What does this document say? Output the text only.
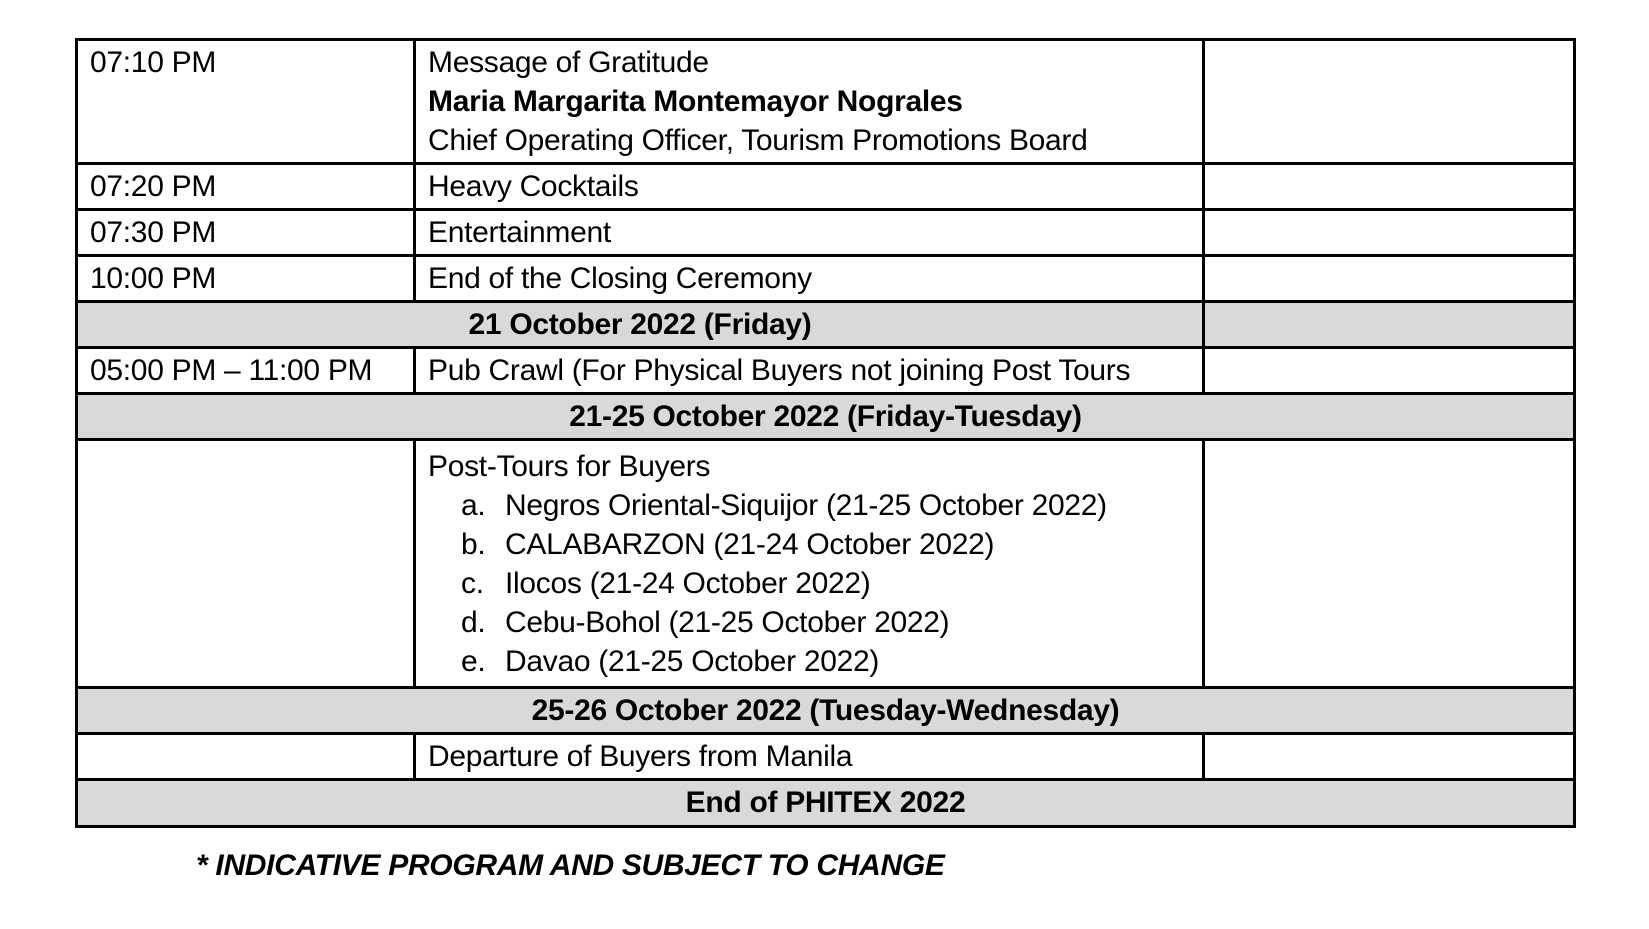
07:10 PM	Message of Gratitude
Maria Margarita Montemayor Nograles
Chief Operating Officer, Tourism Promotions Board	

07:20 PM	Heavy Cocktails	
07:30 PM	Entertainment	
10:00 PM	End of the Closing Ceremony	
21 October 2022 (Friday)		
05:00 PM – 11:00 PM	Pub Crawl (For Physical Buyers not joining Post Tours	
21-25 October 2022 (Friday-Tuesday)		

Post-Tours for Buyers
a. Negros Oriental-Siquijor (21-25 October 2022)
b. CALABARZON (21-24 October 2022)
c. Ilocos (21-24 October 2022)
d. Cebu-Bohol (21-25 October 2022)
e. Davao (21-25 October 2022)

25-26 October 2022 (Tuesday-Wednesday)		
	Departure of Buyers from Manila	
End of PHITEX 2022		
* INDICATIVE PROGRAM AND SUBJECT TO CHANGE
